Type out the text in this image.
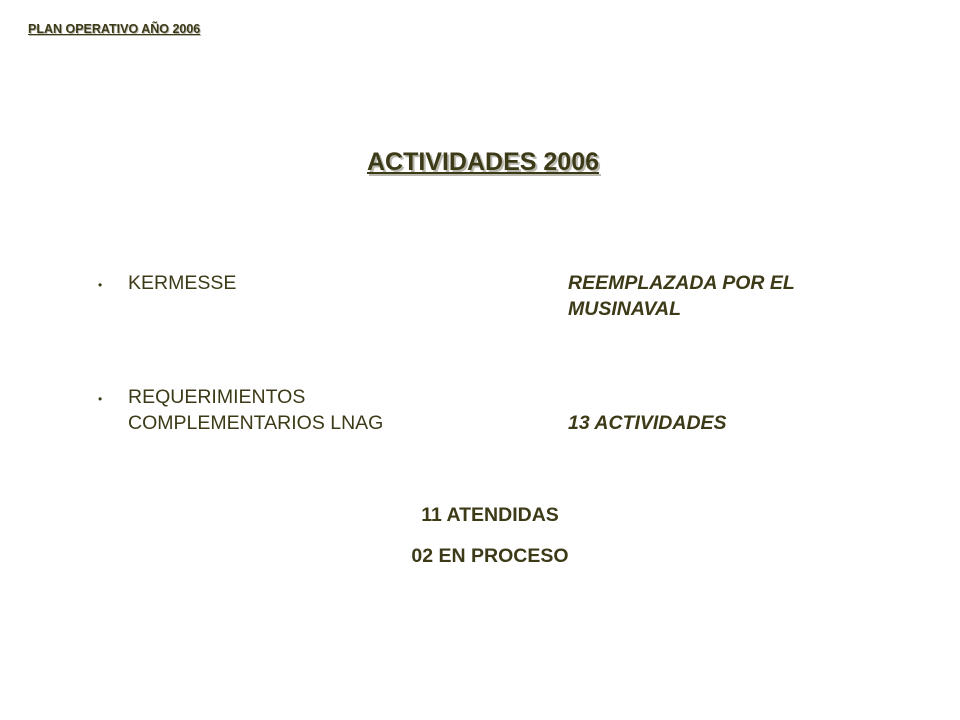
PLAN OPERATIVO AÑO 2006
ACTIVIDADES 2006
• KERMESSE	REEMPLAZADA POR EL
MUSINAVAL
• REQUERIMIENTOS
COMPLEMENTARIOS LNAG	13 ACTIVIDADES
11 ATENDIDAS
02 EN PROCESO
